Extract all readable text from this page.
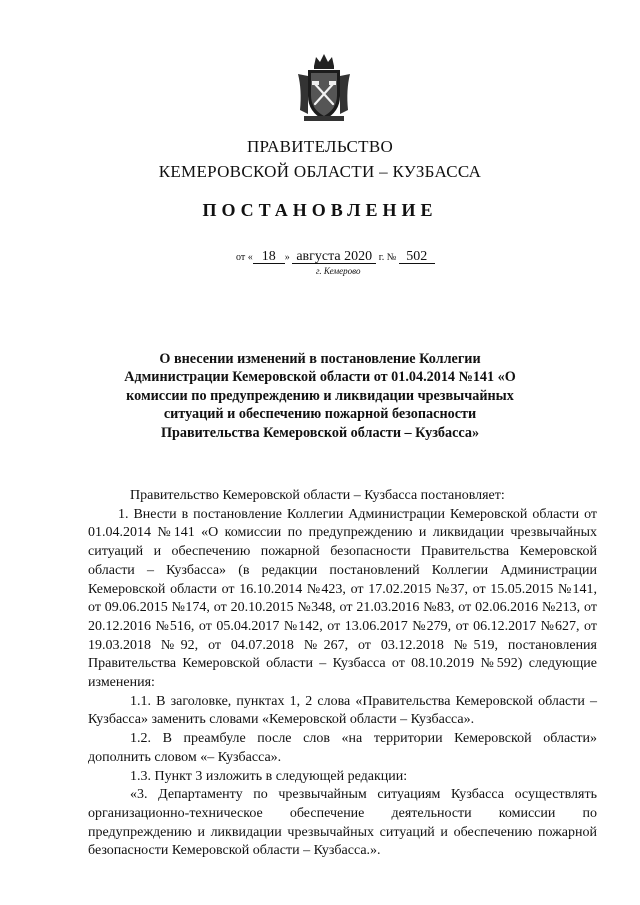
ПРАВИТЕЛЬСТВО
КЕМЕРОВСКОЙ ОБЛАСТИ – КУЗБАССА
ПОСТАНОВЛЕНИЕ
от « 18 » августа 2020 г. № 502
г. Кемерово
О внесении изменений в постановление Коллегии Администрации Кемеровской области от 01.04.2014 №141 «О комиссии по предупреждению и ликвидации чрезвычайных ситуаций и обеспечению пожарной безопасности Правительства Кемеровской области – Кузбасса»

Правительство Кемеровской области – Кузбасса постановляет:

1. Внести в постановление Коллегии Администрации Кемеровской области от 01.04.2014 №141 «О комиссии по предупреждению и ликвидации чрезвычайных ситуаций и обеспечению пожарной безопасности Правительства Кемеровской области – Кузбасса» (в редакции постановлений Коллегии Администрации Кемеровской области от 16.10.2014 №423, от 17.02.2015 №37, от 15.05.2015 №141, от 09.06.2015 №174, от 20.10.2015 №348, от 21.03.2016 №83, от 02.06.2016 №213, от 20.12.2016 №516, от 05.04.2017 №142, от 13.06.2017 №279, от 06.12.2017 №627, от 19.03.2018 №92, от 04.07.2018 №267, от 03.12.2018 №519, постановления Правительства Кемеровской области – Кузбасса от 08.10.2019 №592) следующие изменения:

1.1. В заголовке, пунктах 1, 2 слова «Правительства Кемеровской области – Кузбасса» заменить словами «Кемеровской области – Кузбасса».

1.2. В преамбуле после слов «на территории Кемеровской области» дополнить словом «– Кузбасса».

1.3. Пункт 3 изложить в следующей редакции:

«3. Департаменту по чрезвычайным ситуациям Кузбасса осуществлять организационно-техническое обеспечение деятельности комиссии по предупреждению и ликвидации чрезвычайных ситуаций и обеспечению пожарной безопасности Кемеровской области – Кузбасса.».
